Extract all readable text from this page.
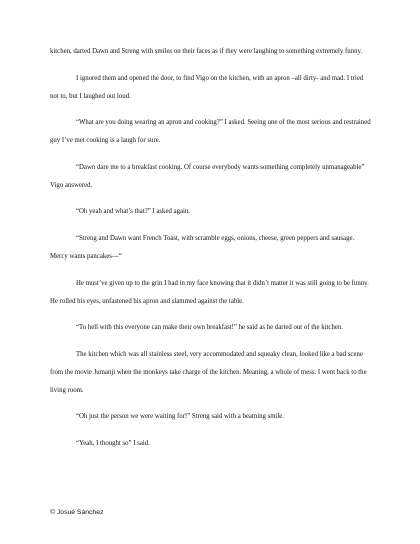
kitchen, darted Dawn and Streng with smiles on their faces as if they were laughing to something extremely funny.

I ignored them and opened the door, to find Vigo on the kitchen, with an apron –all dirty- and mad. I tried not to, but I laughed out loud.

“What are you doing wearing an apron and cooking?” I asked. Seeing one of the most serious and restrained guy I’ve met cooking is a laugh for sure.

“Dawn dare me to a breakfast cooking. Of course everybody wants something completely unmanageable” Vigo answered.

“Oh yeah and what’s that?” I asked again.

“Streng and Dawn want French Toast, with scramble eggs, onions, cheese, green peppers and sausage. Mercy wants pancakes—“

He must’ve given up to the grin I had in my face knowing that it didn’t matter it was still going to be funny. He rolled his eyes, unfastened his apron and slammed against the table.

“To hell with this everyone can make their own breakfast!” he said as he darted out of the kitchen.

The kitchen which was all stainless steel, very accommodated and squeaky clean, looked like a bad scene from the movie Jumanji when the monkeys take charge of the kitchen. Meaning, a whole of mess. I went back to the living room.

“Oh just the person we were waiting for!” Streng said with a beaming smile.

“Yeah, I thought so” I said.

© Josué Sánchez
